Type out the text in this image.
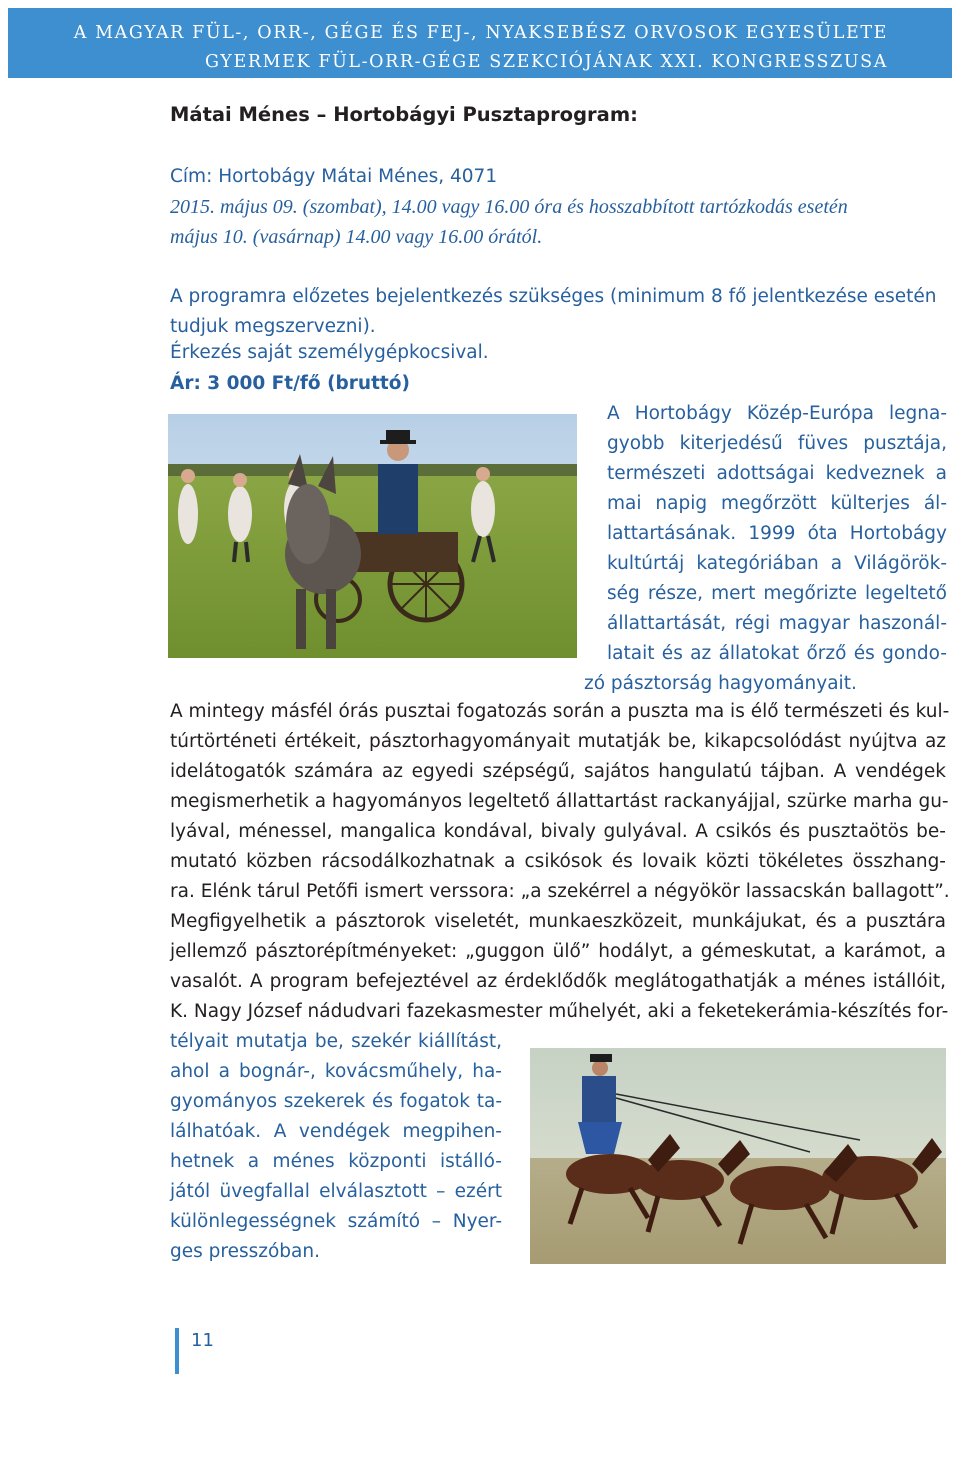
A MAGYAR FÜL-, ORR-, GÉGE ÉS FEJ-, NYAKSEBÉSZ ORVOSOK EGYESÜLETE
GYERMEK FÜL-ORR-GÉGE SZEKCIÓJÁNAK XXI. KONGRESSZUSA
Mátai Ménes – Hortobágyi Pusztaprogram:
Cím: Hortobágy Mátai Ménes, 4071
2015. május 09. (szombat), 14.00 vagy 16.00 óra és hosszabbított tartózkodás esetén
május 10. (vasárnap) 14.00 vagy 16.00 órától.
A programra előzetes bejelentkezés szükséges (minimum 8 fő jelentkezése esetén
tudjuk megszervezni).
Érkezés saját személygépkocsival.
Ár: 3 000 Ft/fő (bruttó)
A Hortobágy Közép-Európa legna-
gyobb kiterjedésű füves pusztája,
természeti adottságai kedveznek a
mai napig megőrzött külterjes ál-
lattartásának. 1999 óta Hortobágy
kultúrtáj kategóriában a Világörök-
ség része, mert megőrizte legeltető
állattartását, régi magyar haszonál-
latait és az állatokat őrző és gondo-
zó pásztorság hagyományait.
A mintegy másfél órás pusztai fogatozás során a puszta ma is élő természeti és kul-
túrtörténeti értékeit, pásztorhagyományait mutatják be, kikapcsolódást nyújtva az
idelátogatók számára az egyedi szépségű, sajátos hangulatú tájban. A vendégek
megismerhetik a hagyományos legeltető állattartást rackanyájjal, szürke marha gu-
lyával, ménessel, mangalica kondával, bivaly gulyával. A csikós és pusztaötös be-
mutató közben rácsodálkozhatnak a csikósok és lovaik közti tökéletes összhang-
ra. Elénk tárul Petőfi ismert verssora: „a szekérrel a négyökör lassacskán ballagott”.
Megfigyelhetik a pásztorok viseletét, munkaeszközeit, munkájukat, és a pusztára
jellemző pásztorépítményeket: „guggon ülő” hodályt, a gémeskutat, a karámot, a
vasalót. A program befejeztével az érdeklődők meglátogathatják a ménes istállóit,
K. Nagy József nádudvari fazekasmester műhelyét, aki a feketekerámia-készítés for-
télyait mutatja be, szekér kiállítást,
ahol a bognár-, kovácsműhely, ha-
gyományos szekerek és fogatok ta-
lálhatóak. A vendégek megpihen-
hetnek a ménes központi istálló-
jától üvegfallal elválasztott – ezért
különlegességnek számító – Nyer-
ges presszóban.
11
